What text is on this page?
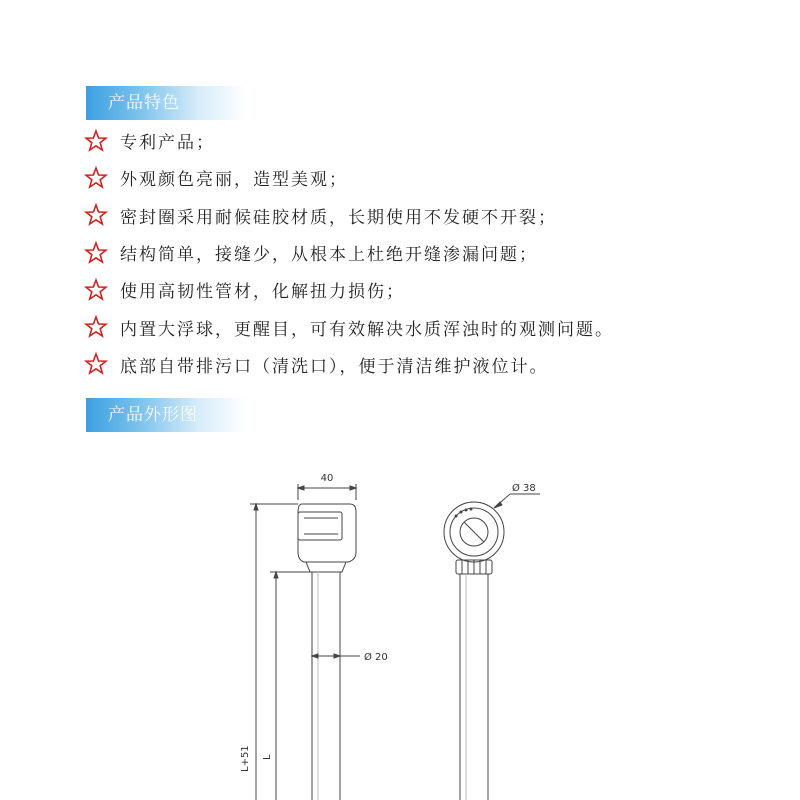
产品特色
专利产品；
外观颜色亮丽，造型美观；
密封圈采用耐候硅胶材质，长期使用不发硬不开裂；
结构简单，接缝少，从根本上杜绝开缝渗漏问题；
使用高韧性管材，化解扭力损伤；
内置大浮球，更醒目，可有效解决水质浑浊时的观测问题。
底部自带排污口（清洗口），便于清洁维护液位计。
产品外形图
40
Ø 38
Ø 20
L+51 L
